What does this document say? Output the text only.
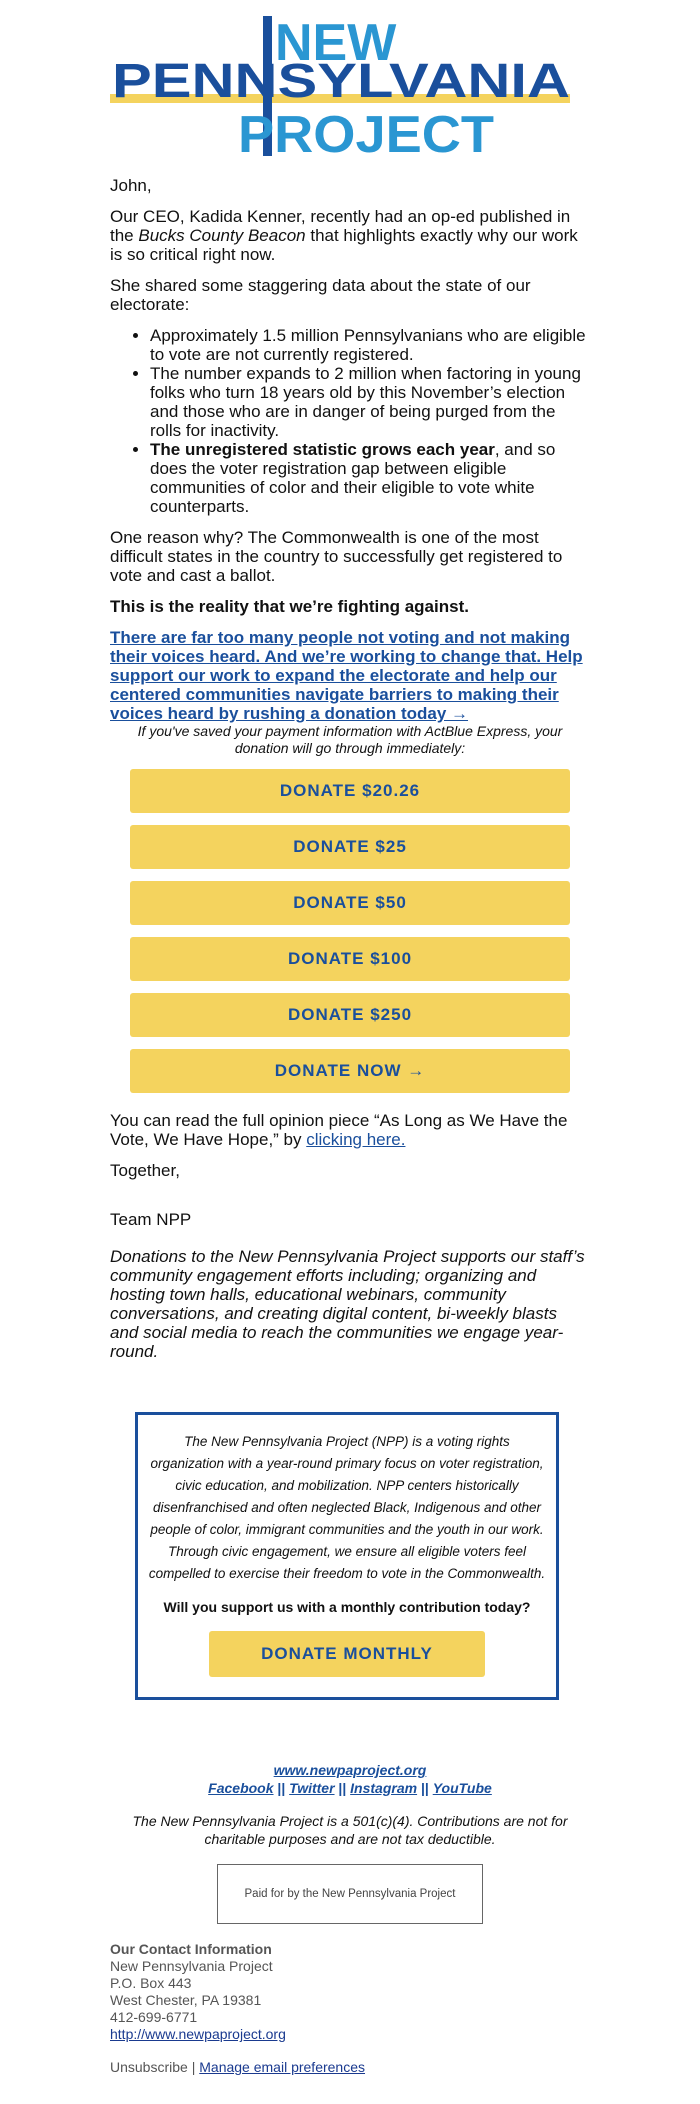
NEW
PENNSYLVANIA
PROJECT

John,

Our CEO, Kadida Kenner, recently had an op-ed published in the Bucks County Beacon that highlights exactly why our work is so critical right now.

She shared some staggering data about the state of our electorate:

• Approximately 1.5 million Pennsylvanians who are eligible to vote are not currently registered.
• The number expands to 2 million when factoring in young folks who turn 18 years old by this November’s election and those who are in danger of being purged from the rolls for inactivity.
• The unregistered statistic grows each year, and so does the voter registration gap between eligible communities of color and their eligible to vote white counterparts.

One reason why? The Commonwealth is one of the most difficult states in the country to successfully get registered to vote and cast a ballot.

This is the reality that we’re fighting against.

There are far too many people not voting and not making their voices heard. And we’re working to change that. Help support our work to expand the electorate and help our centered communities navigate barriers to making their voices heard by rushing a donation today →

If you've saved your payment information with ActBlue Express, your donation will go through immediately:

DONATE $20.26
DONATE $25
DONATE $50
DONATE $100
DONATE $250
DONATE NOW →

You can read the full opinion piece “As Long as We Have the Vote, We Have Hope,” by clicking here.

Together,

Team NPP

Donations to the New Pennsylvania Project supports our staff’s community engagement efforts including; organizing and hosting town halls, educational webinars, community conversations, and creating digital content, bi-weekly blasts and social media to reach the communities we engage year-round.

The New Pennsylvania Project (NPP) is a voting rights organization with a year-round primary focus on voter registration, civic education, and mobilization. NPP centers historically disenfranchised and often neglected Black, Indigenous and other people of color, immigrant communities and the youth in our work. Through civic engagement, we ensure all eligible voters feel compelled to exercise their freedom to vote in the Commonwealth.

Will you support us with a monthly contribution today?

DONATE MONTHLY
www.newpaproject.org
Facebook || Twitter || Instagram || YouTube
The New Pennsylvania Project is a 501(c)(4). Contributions are not for charitable purposes and are not tax deductible.
Paid for by the New Pennsylvania Project
Our Contact Information
New Pennsylvania Project
P.O. Box 443
West Chester, PA 19381
412-699-6771
http://www.newpaproject.org
Unsubscribe | Manage email preferences
